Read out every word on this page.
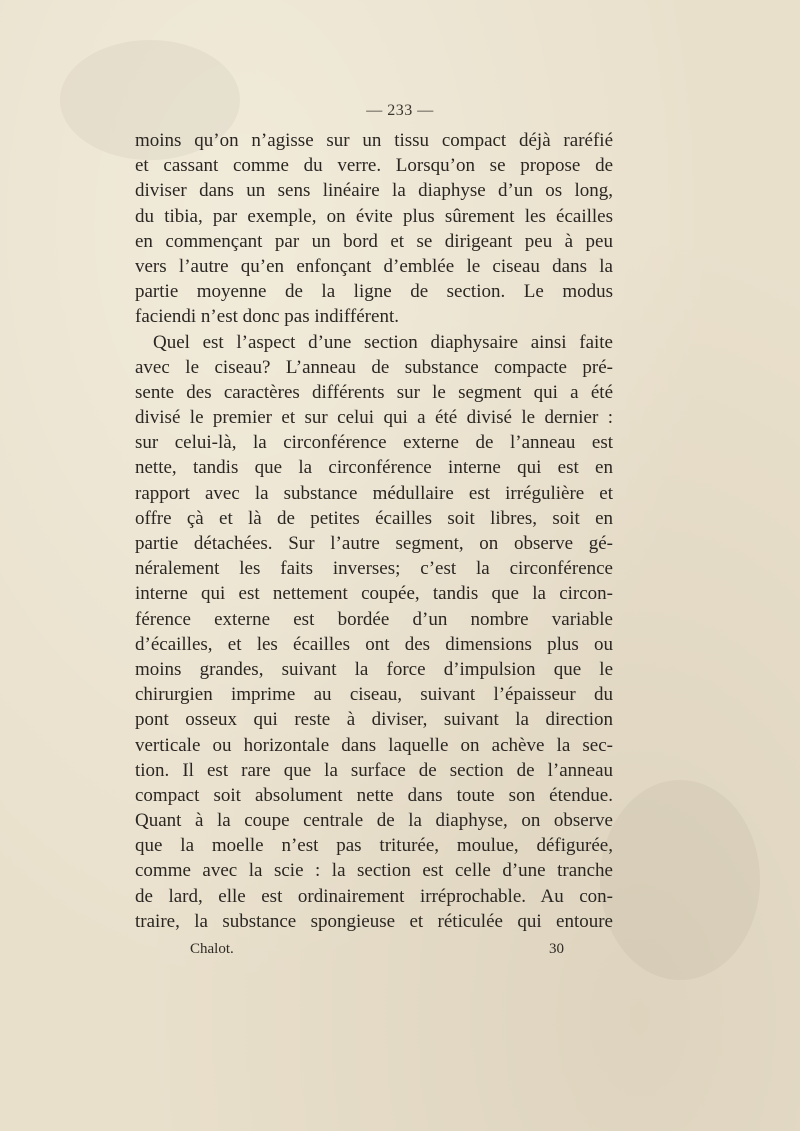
— 233 —
moins qu’on n’agisse sur un tissu compact déjà raréfié
et cassant comme du verre. Lorsqu’on se propose de
diviser dans un sens linéaire la diaphyse d’un os long,
du tibia, par exemple, on évite plus sûrement les écailles
en commençant par un bord et se dirigeant peu à peu
vers l’autre qu’en enfonçant d’emblée le ciseau dans la
partie moyenne de la ligne de section. Le modus
faciendi n’est donc pas indifférent.
Quel est l’aspect d’une section diaphysaire ainsi faite
avec le ciseau? L’anneau de substance compacte pré-
sente des caractères différents sur le segment qui a été
divisé le premier et sur celui qui a été divisé le dernier :
sur celui-là, la circonférence externe de l’anneau est
nette, tandis que la circonférence interne qui est en
rapport avec la substance médullaire est irrégulière et
offre çà et là de petites écailles soit libres, soit en
partie détachées. Sur l’autre segment, on observe gé-
néralement les faits inverses; c’est la circonférence
interne qui est nettement coupée, tandis que la circon-
férence externe est bordée d’un nombre variable
d’écailles, et les écailles ont des dimensions plus ou
moins grandes, suivant la force d’impulsion que le
chirurgien imprime au ciseau, suivant l’épaisseur du
pont osseux qui reste à diviser, suivant la direction
verticale ou horizontale dans laquelle on achève la sec-
tion. Il est rare que la surface de section de l’anneau
compact soit absolument nette dans toute son étendue.
Quant à la coupe centrale de la diaphyse, on observe
que la moelle n’est pas triturée, moulue, défigurée,
comme avec la scie : la section est celle d’une tranche
de lard, elle est ordinairement irréprochable. Au con-
traire, la substance spongieuse et réticulée qui entoure
Chalot.	30
